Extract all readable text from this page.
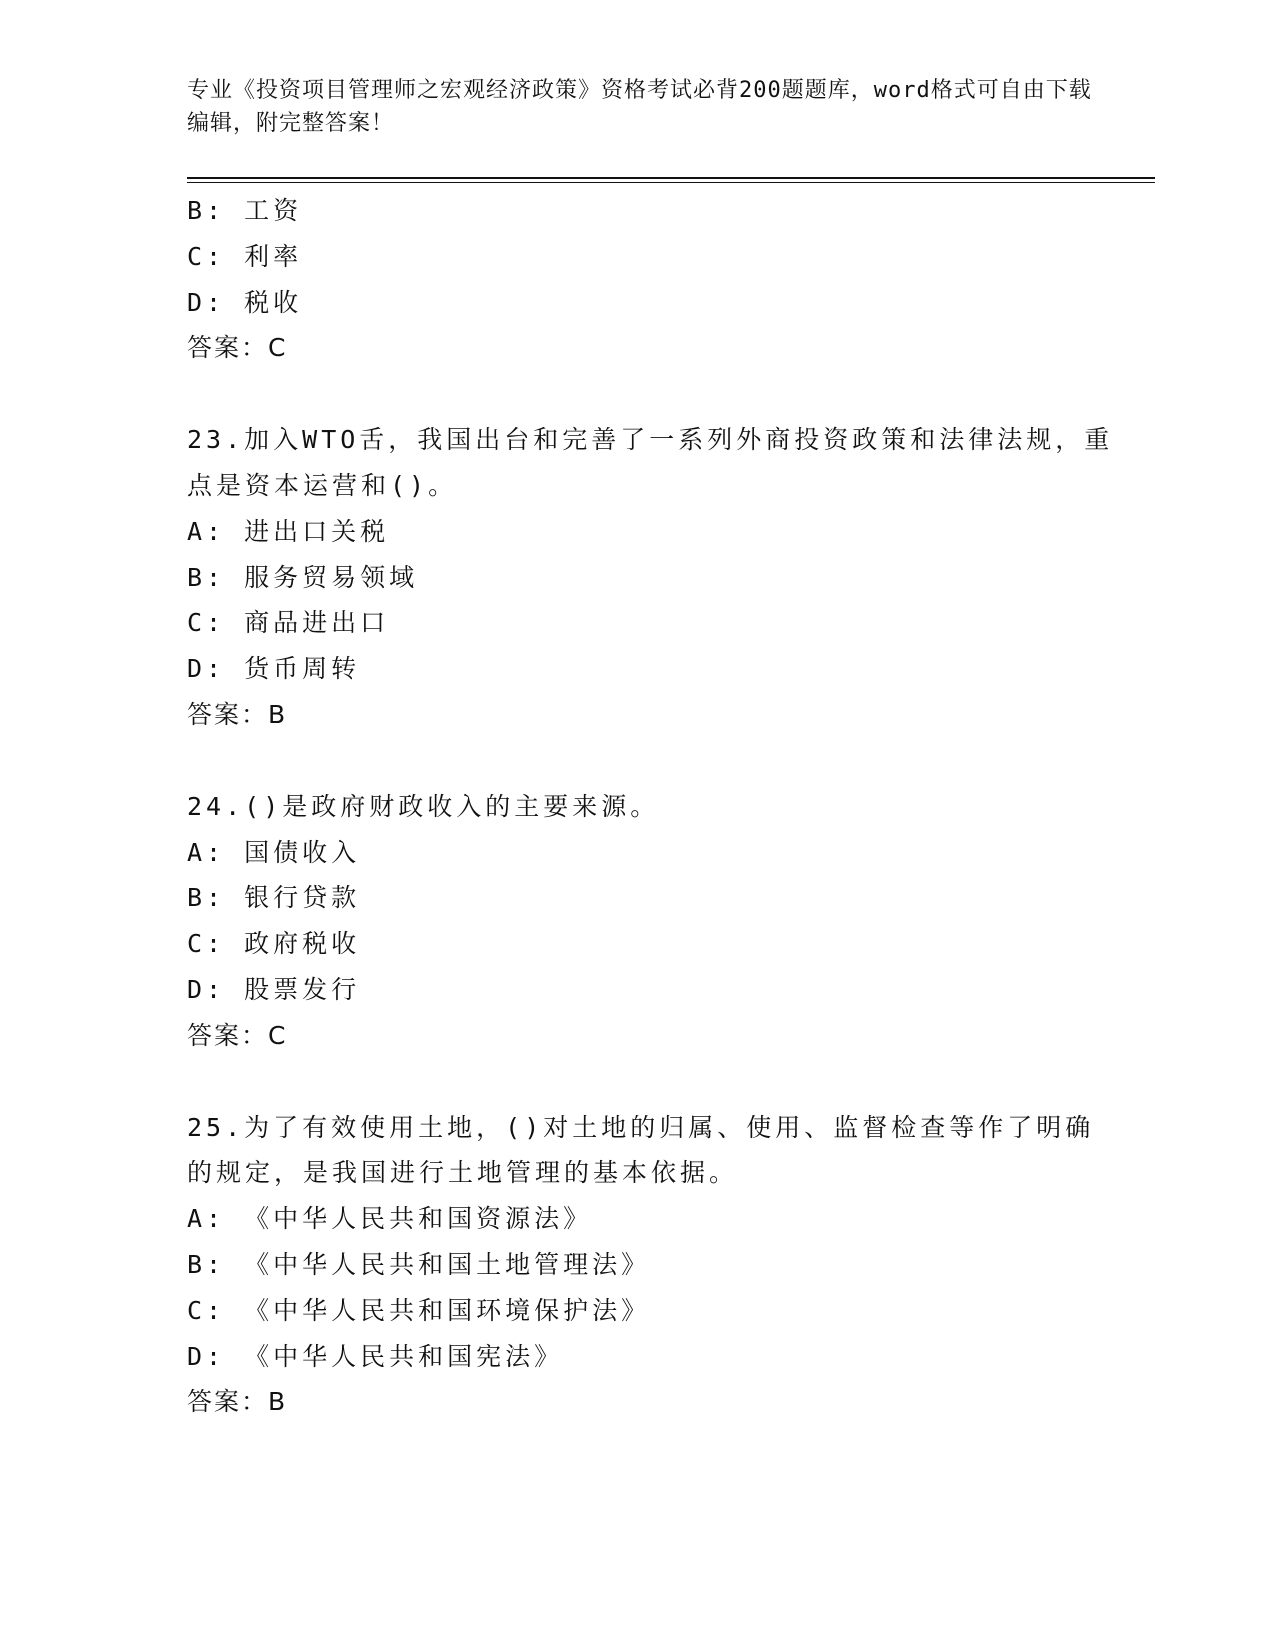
专业《投资项目管理师之宏观经济政策》资格考试必背200题题库，word格式可自由下载编辑，附完整答案！
B: 工资
C: 利率
D: 税收
答案：C
23.加入WTO舌，我国出台和完善了一系列外商投资政策和法律法规，重点是资本运营和()。
A: 进出口关税
B: 服务贸易领域
C: 商品进出口
D: 货币周转
答案：B
24.()是政府财政收入的主要来源。
A: 国债收入
B: 银行贷款
C: 政府税收
D: 股票发行
答案：C
25.为了有效使用土地，()对土地的归属、使用、监督检查等作了明确的规定，是我国进行土地管理的基本依据。
A: 《中华人民共和国资源法》
B: 《中华人民共和国土地管理法》
C: 《中华人民共和国环境保护法》
D: 《中华人民共和国宪法》
答案：B
